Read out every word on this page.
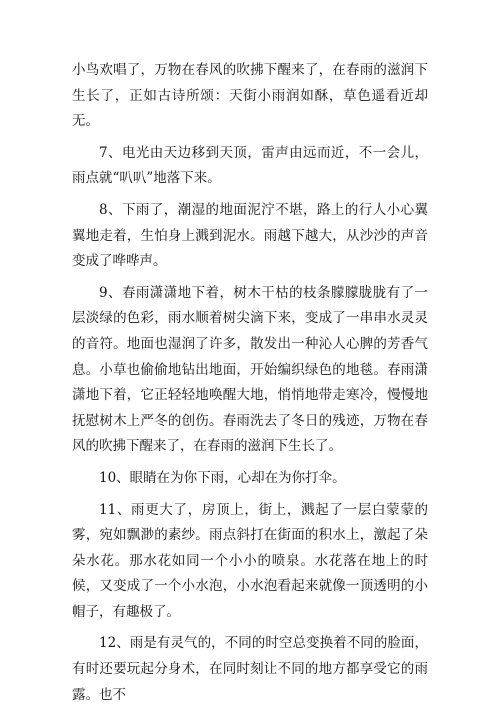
小鸟欢唱了，万物在春风的吹拂下醒来了，在春雨的滋润下生长了，正如古诗所颂：天街小雨润如酥，草色遥看近却无。

7、电光由天边移到天顶，雷声由远而近，不一会儿，雨点就“叭叭”地落下来。

8、下雨了，潮湿的地面泥泞不堪，路上的行人小心翼翼地走着，生怕身上溅到泥水。雨越下越大，从沙沙的声音变成了哗哗声。

9、春雨潇潇地下着，树木干枯的枝条朦朦胧胧有了一层淡绿的色彩，雨水顺着树尖滴下来，变成了一串串水灵灵的音符。地面也湿润了许多，散发出一种沁人心脾的芳香气息。小草也偷偷地钻出地面，开始编织绿色的地毯。春雨潇潇地下着，它正轻轻地唤醒大地，悄悄地带走寒冷，慢慢地抚慰树木上严冬的创伤。春雨洗去了冬日的残迹，万物在春风的吹拂下醒来了，在春雨的滋润下生长了。

10、眼睛在为你下雨，心却在为你打伞。

11、雨更大了，房顶上，街上，溅起了一层白蒙蒙的雾，宛如飘渺的素纱。雨点斜打在街面的积水上，激起了朵朵水花。那水花如同一个小小的喷泉。水花落在地上的时候，又变成了一个小水泡，小水泡看起来就像一顶透明的小帽子，有趣极了。

12、雨是有灵气的，不同的时空总变换着不同的脸面，有时还要玩起分身术，在同时刻让不同的地方都享受它的雨露。也不
